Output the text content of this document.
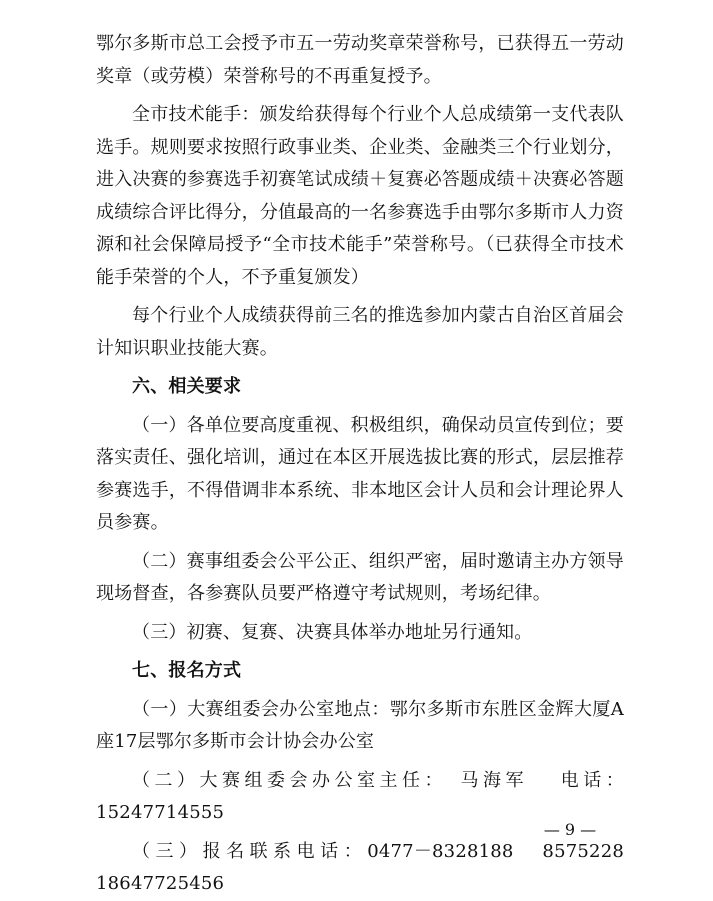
鄂尔多斯市总工会授予市五一劳动奖章荣誉称号，已获得五一劳动奖章（或劳模）荣誉称号的不再重复授予。

全市技术能手：颁发给获得每个行业个人总成绩第一支代表队选手。规则要求按照行政事业类、企业类、金融类三个行业划分，进入决赛的参赛选手初赛笔试成绩＋复赛必答题成绩＋决赛必答题成绩综合评比得分，分值最高的一名参赛选手由鄂尔多斯市人力资源和社会保障局授予“全市技术能手”荣誉称号。（已获得全市技术能手荣誉的个人，不予重复颁发）

每个行业个人成绩获得前三名的推选参加内蒙古自治区首届会计知识职业技能大赛。

六、相关要求

（一）各单位要高度重视、积极组织，确保动员宣传到位；要落实责任、强化培训，通过在本区开展选拔比赛的形式，层层推荐参赛选手，不得借调非本系统、非本地区会计人员和会计理论界人员参赛。

（二）赛事组委会公平公正、组织严密，届时邀请主办方领导现场督查，各参赛队员要严格遵守考试规则，考场纪律。

（三）初赛、复赛、决赛具体举办地址另行通知。

七、报名方式

（一）大赛组委会办公室地点：鄂尔多斯市东胜区金辉大厦A座17层鄂尔多斯市会计协会办公室

（二）大赛组委会办公室主任：　马海军　 电话：15247714555

（三）报名联系电话：0477－8328188　8575228　18647725456

— 9 —
